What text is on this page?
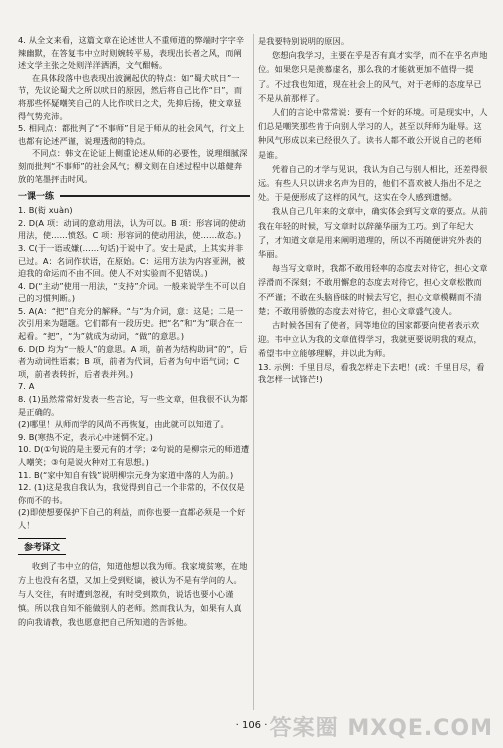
4. 从全文来看，这篇文章在论述世人不重师道的弊端时字字辛辣幽默，在答复韦中立时则婉转平易，表现出长者之风，而阐述文学主张之处则洋洋洒洒，文气酣畅。

在具体段落中也表现出波澜起伏的特点：如“蜀犬吠日”一节，先议论蜀犬之所以吠日的原因，然后将自己比作“日”，而将那些怀疑嘲笑自己的人比作吠日之犬，先抑后扬，使文章显得气势充沛。

5. 相同点：都批判了“不事师”目足于师从的社会风气，行文上也都有论述严谨，说理透彻的特点。

不同点：韩文在论证上侧重论述从师的必要性，说理细腻深刻而批判“不事师”的社会风气；柳文则在自述过程中以雄健奔放的笔墨抨击时风。

一课一练

1. B(衒 xuàn)

2. D(A 项：动词的意动用法，认为可以。B 项：形容词的使动用法，使……愤怒。C 项：形容词的使动用法，使……故态。)

3. C(于一语或嫌(……句话)于说中了。安士是武，上其实并非已过。A：名词作状语，在原始。C：运用方法为内容亚洲，被迫我的命运而不由不回。使人不对实验而不犯错误。)

4. D(“主动”使用一用法，“支持”介词。一般来说学生不可以自己的习惯判断。)

5. A(A：“把”自充分的解释。“与”为介词，意：这是；二是一次引用来为题题。它们都有一段历史。把“名”和“为”联合在一起看。“把”，“为”就成为动词，“做”的意思。)

6. D(D 均为“一般人”的意思。A 项，前者为结构助词“的”，后者为动词性语素；B 项，前者为代词，后者为句中语气词；C 项，前者表转折，后者表并列。)

7. A

8. (1)虽然常常好发表一些言论，写一些文章，但我很不认为都是正确的。

(2)哪里！从师而学的风尚不再恢复，由此就可以知道了。

9. B(寒热不定，表示心中迷惘不定。)

10. D(①句说的是主要元有的才学；②句说的是柳宗元的师道遭人嘲笑；③句是说火种对工有思想。)

11. B(“家中知自有钱”说明柳宗元身为家道中落的人为前。)

12. (1)这是我自我认为，我觉得到自己一个非常的，不仅仅是你而不的书。

(2)即使想要保护下自己的利益，而你也要一直都必须是一个好人！

参考译文

收到了韦中立的信，知道他想以我为师。我家境贫寒，在地方上也没有名望，又加上受到贬谪，被认为不是有学问的人。与人交往，有时遭到忽视，有时受到欺负，说话也要小心谨慎。所以我自知不能做别人的老师。然而我认为，如果有人真的向我请教，我也愿意把自己所知道的告诉他。

是我要特别说明的原因。

您想向我学习，主要在乎是否有真才实学，而不在乎名声地位。如果您只是羡慕虚名，那么我的才能就更加不值得一提了。不过我也知道，现在社会上的风气，对于老师的态度早已不是从前那样了。

人们的言论中常常说：要有一个好的环境。可是现实中，人们总是嘲笑那些肯于向别人学习的人，甚至以拜师为耻辱。这种风气形成以来已经很久了。读书人都不敢公开说自己的老师是谁。

凭着自己的才学与见识，我认为自己与别人相比，还差得很远。有些人只以讲求名声为目的，他们不喜欢被人指出不足之处。于是便形成了这样的风气，这实在令人感到遗憾。

我从自己几年来的文章中，确实体会到写文章的要点。从前我在年轻的时候，写文章时以辞藻华丽为工巧。到了年纪大了，才知道文章是用来阐明道理的，所以不再随便讲究外表的华丽。

每当写文章时，我都不敢用轻率的态度去对待它，担心文章浮滑而不深刻；不敢用懈怠的态度去对待它，担心文章松散而不严谨；不敢在头脑昏昧的时候去写它，担心文章模糊而不清楚；不敢用骄傲的态度去对待它，担心文章盛气凌人。

古时候各国有了使者，同等地位的国家都要向使者表示欢迎。韦中立认为我的文章值得学习，我就更要说明我的观点，希望韦中立能够理解，并以此为师。

13. 示例：千里目尽，看我怎样走下去吧！(或：千里目尽，看我怎样一试锋芒!)

· 106 · 答案圈 MXQE.COM
